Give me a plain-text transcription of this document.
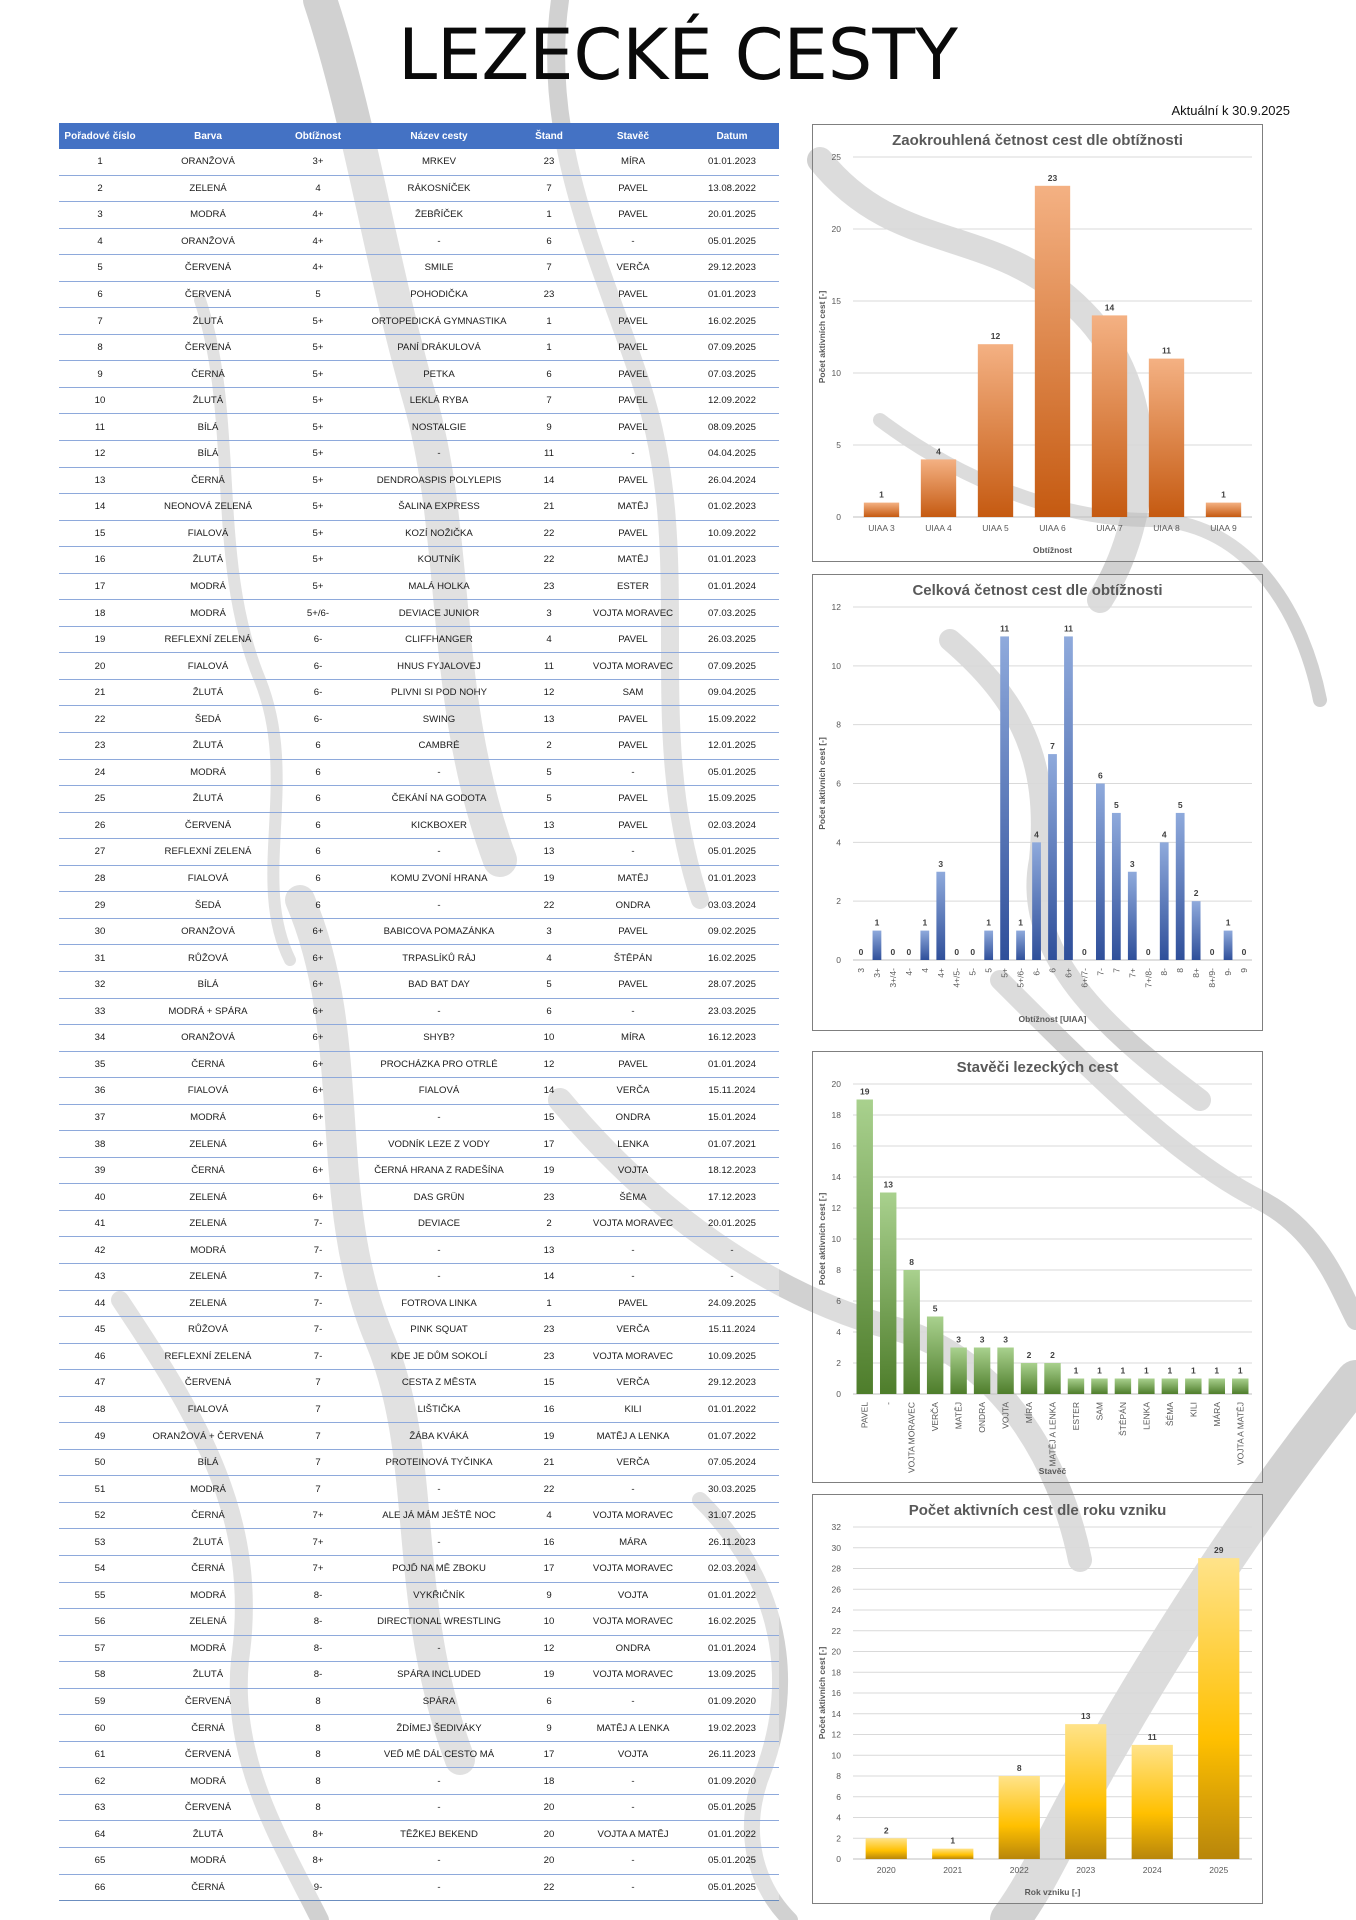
LEZECKÉ CESTY
Aktuální k 30.9.2025
Pořadové číslo	Barva	Obtížnost	Název cesty	Štand	Stavěč	Datum
1	ORANŽOVÁ	3+	MRKEV	23	MÍRA	01.01.2023
2	ZELENÁ	4	RÁKOSNÍČEK	7	PAVEL	13.08.2022
3	MODRÁ	4+	ŽEBŘÍČEK	1	PAVEL	20.01.2025
4	ORANŽOVÁ	4+	-	6	-	05.01.2025
5	ČERVENÁ	4+	SMILE	7	VERČA	29.12.2023
6	ČERVENÁ	5	POHODIČKA	23	PAVEL	01.01.2023
7	ŽLUTÁ	5+	ORTOPEDICKÁ GYMNASTIKA	1	PAVEL	16.02.2025
8	ČERVENÁ	5+	PANÍ DRÁKULOVÁ	1	PAVEL	07.09.2025
9	ČERNÁ	5+	PETKA	6	PAVEL	07.03.2025
10	ŽLUTÁ	5+	LEKLÁ RYBA	7	PAVEL	12.09.2022
11	BÍLÁ	5+	NOSTALGIE	9	PAVEL	08.09.2025
12	BÍLÁ	5+	-	11	-	04.04.2025
13	ČERNÁ	5+	DENDROASPIS POLYLEPIS	14	PAVEL	26.04.2024
14	NEONOVÁ ZELENÁ	5+	ŠALINA EXPRESS	21	MATĚJ	01.02.2023
15	FIALOVÁ	5+	KOZÍ NOŽIČKA	22	PAVEL	10.09.2022
16	ŽLUTÁ	5+	KOUTNÍK	22	MATĚJ	01.01.2023
17	MODRÁ	5+	MALÁ HOLKA	23	ESTER	01.01.2024
18	MODRÁ	5+/6-	DEVIACE JUNIOR	3	VOJTA MORAVEC	07.03.2025
19	REFLEXNÍ ZELENÁ	6-	CLIFFHANGER	4	PAVEL	26.03.2025
20	FIALOVÁ	6-	HNUS FYJALOVEJ	11	VOJTA MORAVEC	07.09.2025
21	ŽLUTÁ	6-	PLIVNI SI POD NOHY	12	SAM	09.04.2025
22	ŠEDÁ	6-	SWING	13	PAVEL	15.09.2022
23	ŽLUTÁ	6	CAMBRÉ	2	PAVEL	12.01.2025
24	MODRÁ	6	-	5	-	05.01.2025
25	ŽLUTÁ	6	ČEKÁNÍ NA GODOTA	5	PAVEL	15.09.2025
26	ČERVENÁ	6	KICKBOXER	13	PAVEL	02.03.2024
27	REFLEXNÍ ZELENÁ	6	-	13	-	05.01.2025
28	FIALOVÁ	6	KOMU ZVONÍ HRANA	19	MATĚJ	01.01.2023
29	ŠEDÁ	6	-	22	ONDRA	03.03.2024
30	ORANŽOVÁ	6+	BABICOVA POMAZÁNKA	3	PAVEL	09.02.2025
31	RŮŽOVÁ	6+	TRPASLÍKŮ RÁJ	4	ŠTĚPÁN	16.02.2025
32	BÍLÁ	6+	BAD BAT DAY	5	PAVEL	28.07.2025
33	MODRÁ + SPÁRA	6+	-	6	-	23.03.2025
34	ORANŽOVÁ	6+	SHYB?	10	MÍRA	16.12.2023
35	ČERNÁ	6+	PROCHÁZKA PRO OTRLÉ	12	PAVEL	01.01.2024
36	FIALOVÁ	6+	FIALOVÁ	14	VERČA	15.11.2024
37	MODRÁ	6+	-	15	ONDRA	15.01.2024
38	ZELENÁ	6+	VODNÍK LEZE Z VODY	17	LENKA	01.07.2021
39	ČERNÁ	6+	ČERNÁ HRANA Z RADEŠÍNA	19	VOJTA	18.12.2023
40	ZELENÁ	6+	DAS GRÜN	23	ŠÉMA	17.12.2023
41	ZELENÁ	7-	DEVIACE	2	VOJTA MORAVEC	20.01.2025
42	MODRÁ	7-	-	13	-	-
43	ZELENÁ	7-	-	14	-	-
44	ZELENÁ	7-	FOTROVA LINKA	1	PAVEL	24.09.2025
45	RŮŽOVÁ	7-	PINK SQUAT	23	VERČA	15.11.2024
46	REFLEXNÍ ZELENÁ	7-	KDE JE DŮM SOKOLÍ	23	VOJTA MORAVEC	10.09.2025
47	ČERVENÁ	7	CESTA Z MĚSTA	15	VERČA	29.12.2023
48	FIALOVÁ	7	LIŠTIČKA	16	KILI	01.01.2022
49	ORANŽOVÁ + ČERVENÁ	7	ŽÁBA KVÁKÁ	19	MATĚJ A LENKA	01.07.2022
50	BÍLÁ	7	PROTEINOVÁ TYČINKA	21	VERČA	07.05.2024
51	MODRÁ	7	-	22	-	30.03.2025
52	ČERNÁ	7+	ALE JÁ MÁM JEŠTĚ NOC	4	VOJTA MORAVEC	31.07.2025
53	ŽLUTÁ	7+	-	16	MÁRA	26.11.2023
54	ČERNÁ	7+	POJĎ NA MĚ ZBOKU	17	VOJTA MORAVEC	02.03.2024
55	MODRÁ	8-	VYKŘIČNÍK	9	VOJTA	01.01.2022
56	ZELENÁ	8-	DIRECTIONAL WRESTLING	10	VOJTA MORAVEC	16.02.2025
57	MODRÁ	8-	-	12	ONDRA	01.01.2024
58	ŽLUTÁ	8-	SPÁRA INCLUDED	19	VOJTA MORAVEC	13.09.2025
59	ČERVENÁ	8	SPÁRA	6	-	01.09.2020
60	ČERNÁ	8	ŽDÍMEJ ŠEDIVÁKY	9	MATĚJ A LENKA	19.02.2023
61	ČERVENÁ	8	VEĎ MĚ DÁL CESTO MÁ	17	VOJTA	26.11.2023
62	MODRÁ	8	-	18	-	01.09.2020
63	ČERVENÁ	8	-	20	-	05.01.2025
64	ŽLUTÁ	8+	TĚŽKEJ BEKEND	20	VOJTA A MATĚJ	01.01.2022
65	MODRÁ	8+	-	20	-	05.01.2025
66	ČERNÁ	9-	-	22	-	05.01.2025
Zaokrouhlená četnost cest dle obtížnosti
0
5
10
15
20
25
1
UIAA 3
4
UIAA 4
12
UIAA 5
23
UIAA 6
14
UIAA 7
11
UIAA 8
1
UIAA 9
Obtížnost
Počet aktivních cest [-]
Celková četnost cest dle obtížnosti
0
2
4
6
8
10
12
0
3
1
3+
0
3+/4-
0
4-
1
4
3
4+
0
4+/5-
0
5-
1
5
11
5+
1
5+/6-
4
6-
7
6
11
6+
0
6+/7-
6
7-
5
7
3
7+
0
7+/8-
4
8-
5
8
2
8+
0
8+/9-
1
9-
0
9
Obtížnost [UIAA]
Počet aktivních cest [-]
Stavěči lezeckých cest
0
2
4
6
8
10
12
14
16
18
20
19
PAVEL
13
-
8
VOJTA MORAVEC
5
VERČA
3
MATĚJ
3
ONDRA
3
VOJTA
2
MÍRA
2
MATĚJ A LENKA
1
ESTER
1
SAM
1
ŠTĚPÁN
1
LENKA
1
ŠÉMA
1
KILI
1
MÁRA
1
VOJTA A MATĚJ
Stavěč
Počet aktivních cest [-]
Počet aktivních cest dle roku vzniku
0
2
4
6
8
10
12
14
16
18
20
22
24
26
28
30
32
2
2020
1
2021
8
2022
13
2023
11
2024
29
2025
Rok vzniku [-]
Počet aktivních cest [-]
